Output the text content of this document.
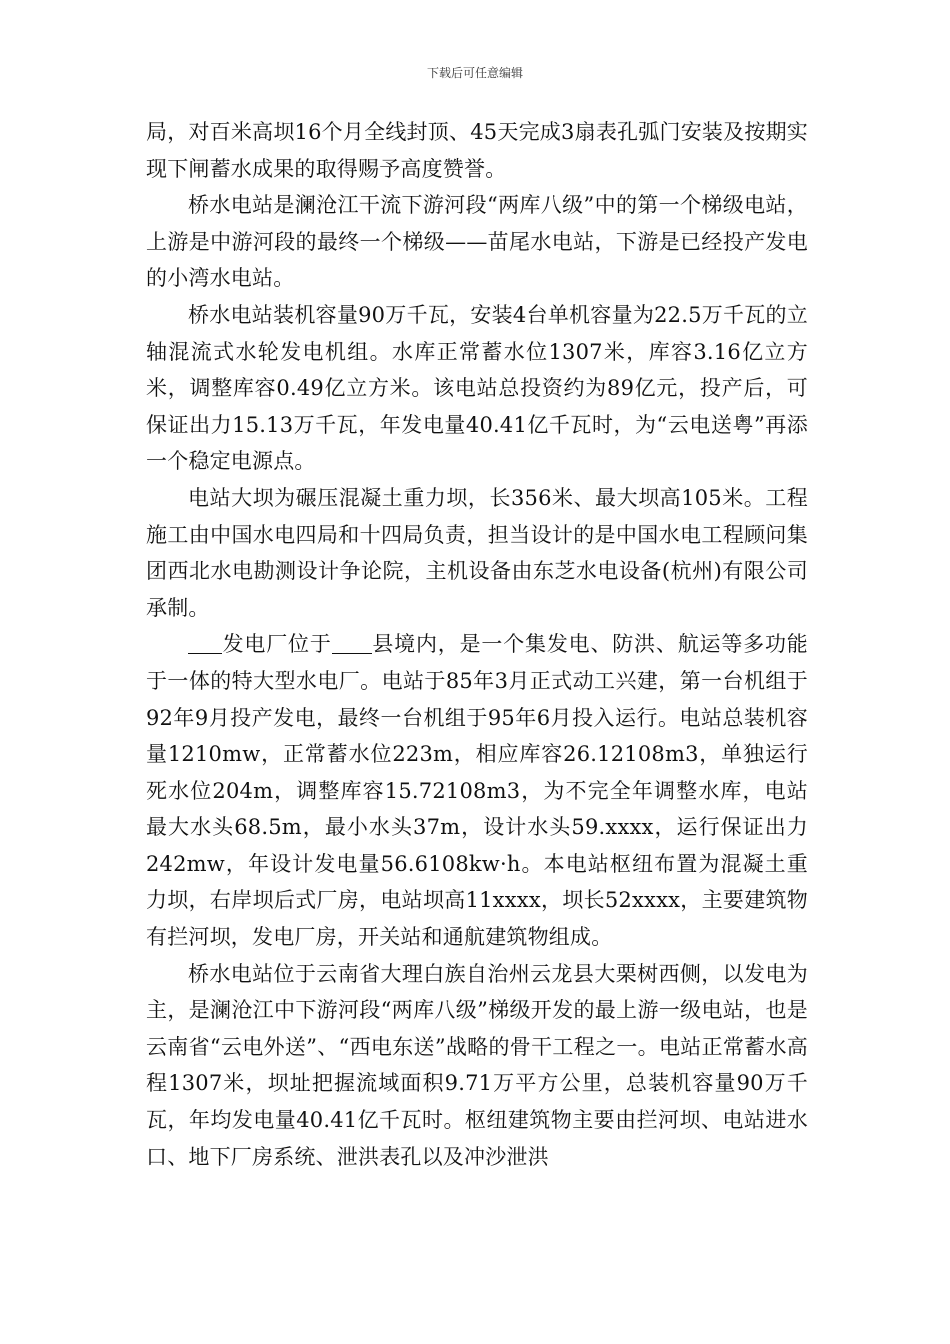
下载后可任意编辑

局，对百米高坝16个月全线封顶、45天完成3扇表孔弧门安装及按期实现下闸蓄水成果的取得赐予高度赞誉。

桥水电站是澜沧江干流下游河段“两库八级”中的第一个梯级电站，上游是中游河段的最终一个梯级——苗尾水电站，下游是已经投产发电的小湾水电站。

桥水电站装机容量90万千瓦，安装4台单机容量为22.5万千瓦的立轴混流式水轮发电机组。水库正常蓄水位1307米，库容3.16亿立方米，调整库容0.49亿立方米。该电站总投资约为89亿元，投产后，可保证出力15.13万千瓦，年发电量40.41亿千瓦时，为“云电送粤”再添一个稳定电源点。

电站大坝为碾压混凝土重力坝，长356米、最大坝高105米。工程施工由中国水电四局和十四局负责，担当设计的是中国水电工程顾问集团西北水电勘测设计争论院，主机设备由东芝水电设备(杭州)有限公司承制。

发电厂位于 县境内，是一个集发电、防洪、航运等多功能于一体的特大型水电厂。电站于85年3月正式动工兴建，第一台机组于92年9月投产发电，最终一台机组于95年6月投入运行。电站总装机容量1210mw，正常蓄水位223m，相应库容26.12108m3，单独运行死水位204m，调整库容15.72108m3，为不完全年调整水库，电站最大水头68.5m，最小水头37m，设计水头59.xxxx，运行保证出力242mw，年设计发电量56.6108kw·h。本电站枢纽布置为混凝土重力坝，右岸坝后式厂房，电站坝高11xxxx，坝长52xxxx，主要建筑物有拦河坝，发电厂房，开关站和通航建筑物组成。

桥水电站位于云南省大理白族自治州云龙县大栗树西侧，以发电为主，是澜沧江中下游河段“两库八级”梯级开发的最上游一级电站，也是云南省“云电外送”、“西电东送”战略的骨干工程之一。电站正常蓄水高程1307米，坝址把握流域面积9.71万平方公里，总装机容量90万千瓦，年均发电量40.41亿千瓦时。枢纽建筑物主要由拦河坝、电站进水口、地下厂房系统、泄洪表孔以及冲沙泄洪
